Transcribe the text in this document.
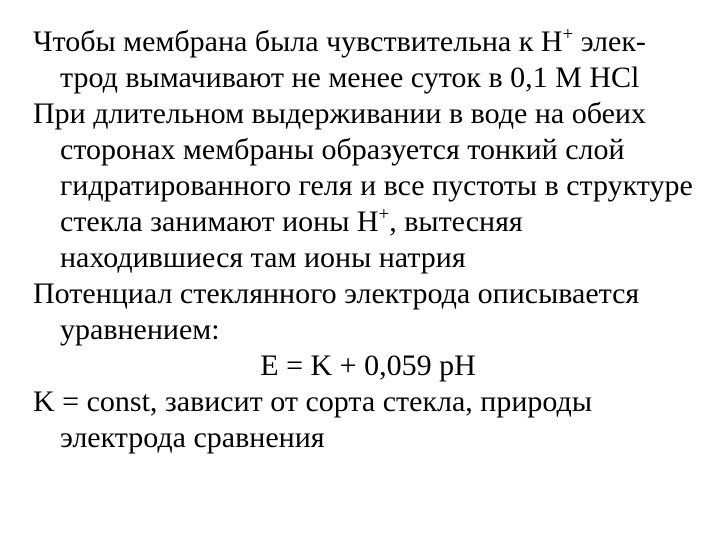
Чтобы мембрана была чувствительна к Н+ элек-
трод вымачивают не менее суток в 0,1 М HCl

При длительном выдерживании в воде на обеих сторонах мембраны образуется тонкий слой гидратированного геля и все пустоты в структуре стекла занимают ионы Н+, вытесняя находившиеся там ионы натрия

Потенциал стеклянного электрода описывается уравнением:

E = K + 0,059 pH

K = const, зависит от сорта стекла, природы электрода сравнения
